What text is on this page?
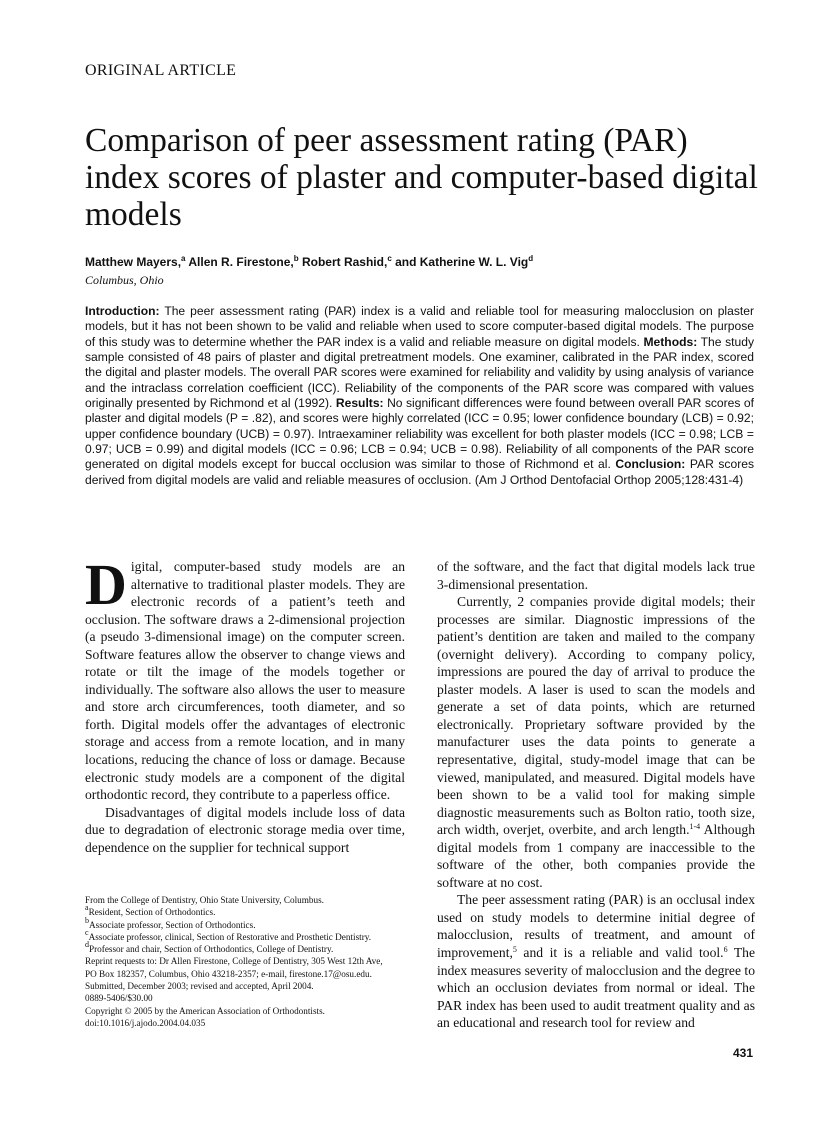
ORIGINAL ARTICLE
Comparison of peer assessment rating (PAR) index scores of plaster and computer-based digital models
Matthew Mayers,$^a$ Allen R. Firestone,$^b$ Robert Rashid,$^c$ and Katherine W. L. Vig$^d$
Columbus, Ohio

Introduction: The peer assessment rating (PAR) index is a valid and reliable tool for measuring malocclusion on plaster models, but it has not been shown to be valid and reliable when used to score computer-based digital models. The purpose of this study was to determine whether the PAR index is a valid and reliable measure on digital models. Methods: The study sample consisted of 48 pairs of plaster and digital pretreatment models. One examiner, calibrated in the PAR index, scored the digital and plaster models. The overall PAR scores were examined for reliability and validity by using analysis of variance and the intraclass correlation coefficient (ICC). Reliability of the components of the PAR score was compared with values originally presented by Richmond et al (1992). Results: No significant differences were found between overall PAR scores of plaster and digital models (P = .82), and scores were highly correlated (ICC = 0.95; lower confidence boundary (LCB) = 0.92; upper confidence boundary (UCB) = 0.97). Intraexaminer reliability was excellent for both plaster models (ICC = 0.98; LCB = 0.97; UCB = 0.99) and digital models (ICC = 0.96; LCB = 0.94; UCB = 0.98). Reliability of all components of the PAR score generated on digital models except for buccal occlusion was similar to those of Richmond et al. Conclusion: PAR scores derived from digital models are valid and reliable measures of occlusion. (Am J Orthod Dentofacial Orthop 2005;128:431-4)

Digital, computer-based study models are an alternative to traditional plaster models. They are electronic records of a patient’s teeth and occlusion. The software draws a 2-dimensional projection (a pseudo 3-dimensional image) on the computer screen. Software features allow the observer to change views and rotate or tilt the image of the models together or individually. The software also allows the user to measure and store arch circumferences, tooth diameter, and so forth. Digital models offer the advantages of electronic storage and access from a remote location, and in many locations, reducing the chance of loss or damage. Because electronic study models are a component of the digital orthodontic record, they contribute to a paperless office.

Disadvantages of digital models include loss of data due to degradation of electronic storage media over time, dependence on the supplier for technical support

of the software, and the fact that digital models lack true 3-dimensional presentation.

Currently, 2 companies provide digital models; their processes are similar. Diagnostic impressions of the patient’s dentition are taken and mailed to the company (overnight delivery). According to company policy, impressions are poured the day of arrival to produce the plaster models. A laser is used to scan the models and generate a set of data points, which are returned electronically. Proprietary software provided by the manufacturer uses the data points to generate a representative, digital, study-model image that can be viewed, manipulated, and measured. Digital models have been shown to be a valid tool for making simple diagnostic measurements such as Bolton ratio, tooth size, arch width, overjet, overbite, and arch length.$^{1-4}$ Although digital models from 1 company are inaccessible to the software of the other, both companies provide the software at no cost.

The peer assessment rating (PAR) is an occlusal index used on study models to determine initial degree of malocclusion, results of treatment, and amount of improvement,$^5$ and it is a reliable and valid tool.$^6$ The index measures severity of malocclusion and the degree to which an occlusion deviates from normal or ideal. The PAR index has been used to audit treatment quality and as an educational and research tool for review and

From the College of Dentistry, Ohio State University, Columbus.
$^a$Resident, Section of Orthodontics.
$^b$Associate professor, Section of Orthodontics.
$^c$Associate professor, clinical, Section of Restorative and Prosthetic Dentistry.
$^d$Professor and chair, Section of Orthodontics, College of Dentistry.
Reprint requests to: Dr Allen Firestone, College of Dentistry, 305 West 12th Ave,
PO Box 182357, Columbus, Ohio 43218-2357; e-mail, firestone.17@osu.edu.
Submitted, December 2003; revised and accepted, April 2004.
0889-5406/$30.00
Copyright © 2005 by the American Association of Orthodontists.
doi:10.1016/j.ajodo.2004.04.035
431
